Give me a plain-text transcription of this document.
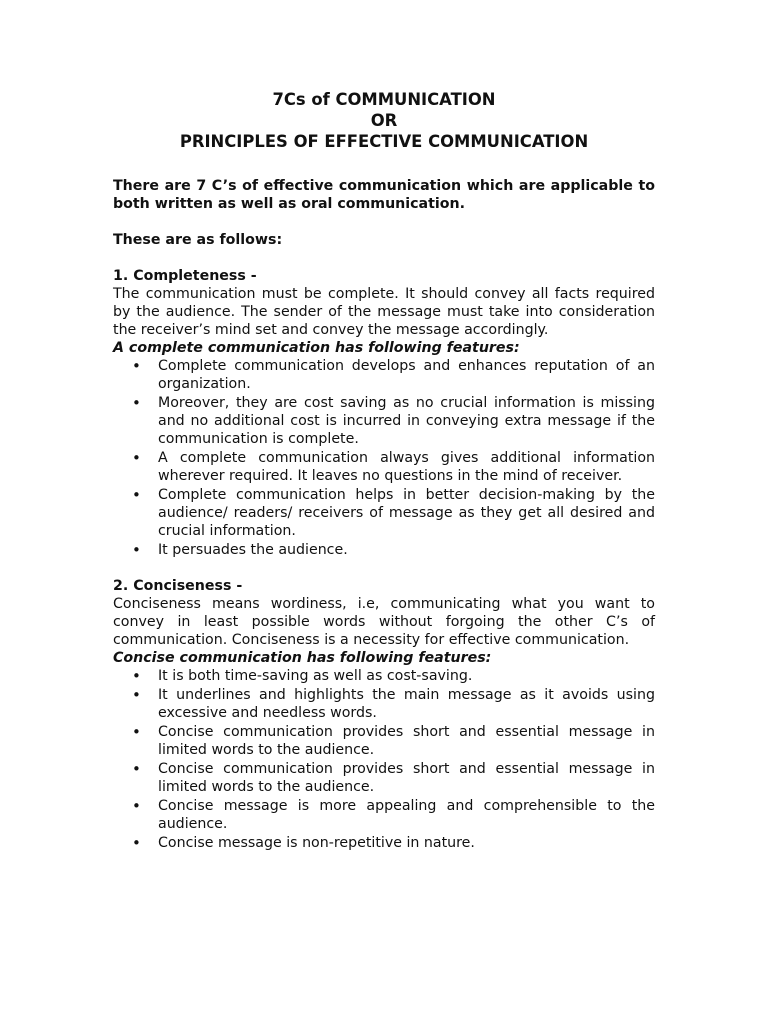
7Cs of COMMUNICATION
OR
PRINCIPLES OF EFFECTIVE COMMUNICATION

There are 7 C’s of effective communication which are applicable to both written as well as oral communication.

These are as follows:

1. Completeness -

The communication must be complete. It should convey all facts required by the audience. The sender of the message must take into consideration the receiver’s mind set and convey the message accordingly.

A complete communication has following features:

• Complete communication develops and enhances reputation of an organization.
• Moreover, they are cost saving as no crucial information is missing and no additional cost is incurred in conveying extra message if the communication is complete.
• A complete communication always gives additional information wherever required. It leaves no questions in the mind of receiver.
• Complete communication helps in better decision-making by the audience/ readers/ receivers of message as they get all desired and crucial information.
• It persuades the audience.

2. Conciseness -

Conciseness means wordiness, i.e, communicating what you want to convey in least possible words without forgoing the other C’s of communication. Conciseness is a necessity for effective communication.

Concise communication has following features:

• It is both time-saving as well as cost-saving.
• It underlines and highlights the main message as it avoids using excessive and needless words.
• Concise communication provides short and essential message in limited words to the audience.
• Concise communication provides short and essential message in limited words to the audience.
• Concise message is more appealing and comprehensible to the audience.
• Concise message is non-repetitive in nature.
